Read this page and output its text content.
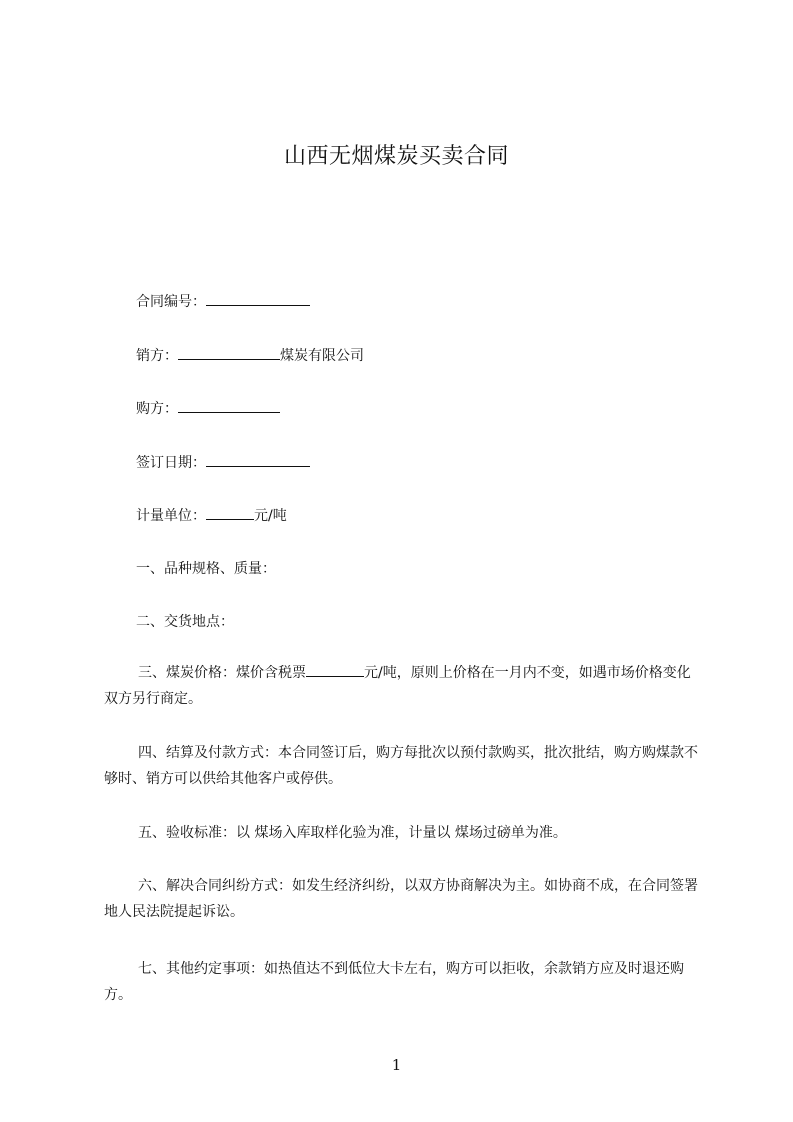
山西无烟煤炭买卖合同
合同编号：
销方：	煤炭有限公司
购方：
签订日期：
计量单位：	元/吨
一、品种规格、质量：
二、交货地点：

三、煤炭价格：煤价含税票	元/吨，原则上价格在一月内不变，如遇市场价格变化双方另行商定。

四、结算及付款方式：本合同签订后，购方每批次以预付款购买，批次批结，购方购煤款不够时、销方可以供给其他客户或停供。

五、验收标准：以 煤场入库取样化验为准，计量以 煤场过磅单为准。

六、解决合同纠纷方式：如发生经济纠纷，以双方协商解决为主。如协商不成，在合同签署地人民法院提起诉讼。

七、其他约定事项：如热值达不到低位大卡左右，购方可以拒收，余款销方应及时退还购方。

1
